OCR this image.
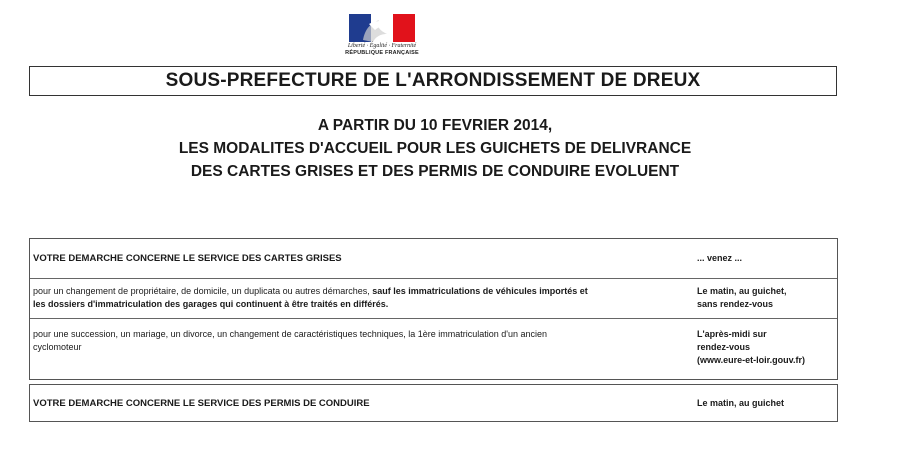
Liberté · Égalité · Fraternité
RÉPUBLIQUE FRANÇAISE
SOUS-PREFECTURE DE L'ARRONDISSEMENT DE DREUX
A PARTIR DU 10 FEVRIER 2014,
LES MODALITES D'ACCUEIL POUR LES GUICHETS DE DELIVRANCE
DES CARTES GRISES ET DES PERMIS DE CONDUIRE EVOLUENT
VOTRE DEMARCHE CONCERNE LE SERVICE DES CARTES GRISES	... venez ...
pour un changement de propriétaire, de domicile, un duplicata ou autres démarches, sauf les immatriculations de véhicules importés et
les dossiers d'immatriculation des garages qui continuent à être traités en différés.
Le matin, au guichet,
sans rendez-vous
pour une succession, un mariage, un divorce, un changement de caractéristiques techniques, la 1ère immatriculation d'un ancien
cyclomoteur
L'après-midi sur
rendez-vous
(www.eure-et-loir.gouv.fr)
VOTRE DEMARCHE CONCERNE LE SERVICE DES PERMIS DE CONDUIRE	Le matin, au guichet
